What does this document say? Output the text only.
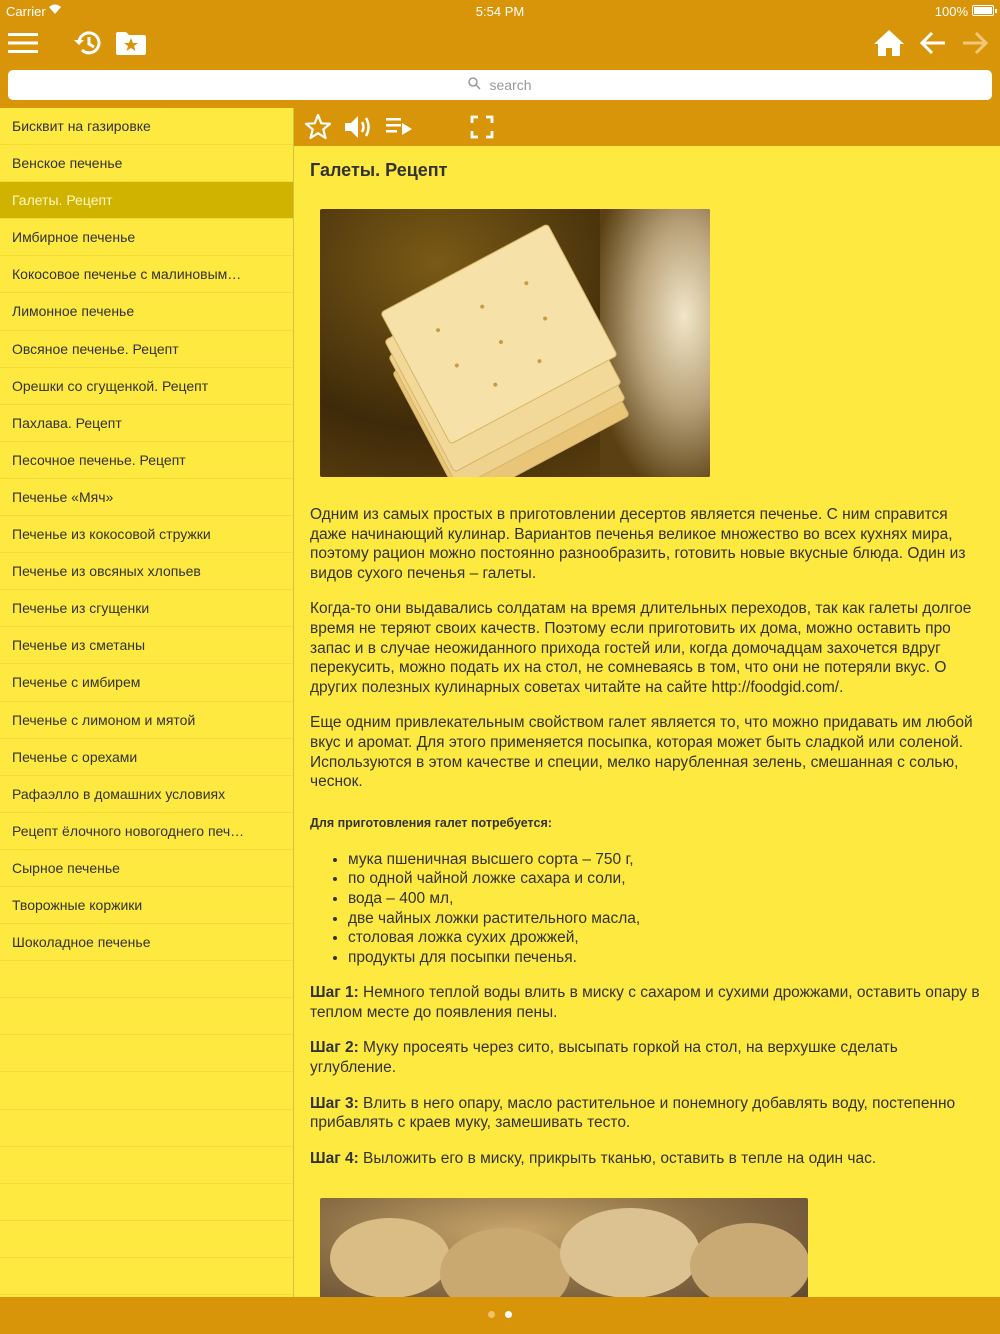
Carrier	5:54 PM	100%
search
Бисквит на газировке
Венское печенье
Галеты. Рецепт
Имбирное печенье
Кокосовое печенье с малиновым…
Лимонное печенье
Овсяное печенье. Рецепт
Орешки со сгущенкой. Рецепт
Пахлава. Рецепт
Песочное печенье. Рецепт
Печенье «Мяч»
Печенье из кокосовой стружки
Печенье из овсяных хлопьев
Печенье из сгущенки
Печенье из сметаны
Печенье с имбирем
Печенье с лимоном и мятой
Печенье с орехами
Рафаэлло в домашних условиях
Рецепт ёлочного новогоднего печ…
Сырное печенье
Творожные коржики
Шоколадное печенье
Галеты. Рецепт

Одним из самых простых в приготовлении десертов является печенье. С ним справится даже начинающий кулинар. Вариантов печенья великое множество во всех кухнях мира, поэтому рацион можно постоянно разнообразить, готовить новые вкусные блюда. Один из видов сухого печенья – галеты.

Когда-то они выдавались солдатам на время длительных переходов, так как галеты долгое время не теряют своих качеств. Поэтому если приготовить их дома, можно оставить про запас и в случае неожиданного прихода гостей или, когда домочадцам захочется вдруг перекусить, можно подать их на стол, не сомневаясь в том, что они не потеряли вкус. О других полезных кулинарных советах читайте на сайте http://foodgid.com/.

Еще одним привлекательным свойством галет является то, что можно придавать им любой вкус и аромат. Для этого применяется посыпка, которая может быть сладкой или соленой. Используются в этом качестве и специи, мелко нарубленная зелень, смешанная с солью, чеснок.

Для приготовления галет потребуется:

• мука пшеничная высшего сорта – 750 г,
• по одной чайной ложке сахара и соли,
• вода – 400 мл,
• две чайных ложки растительного масла,
• столовая ложка сухих дрожжей,
• продукты для посыпки печенья.

Шаг 1: Немного теплой воды влить в миску с сахаром и сухими дрожжами, оставить опару в теплом месте до появления пены.

Шаг 2: Муку просеять через сито, высыпать горкой на стол, на верхушке сделать углубление.

Шаг 3: Влить в него опару, масло растительное и понемногу добавлять воду, постепенно прибавлять с краев муку, замешивать тесто.

Шаг 4: Выложить его в миску, прикрыть тканью, оставить в тепле на один час.
